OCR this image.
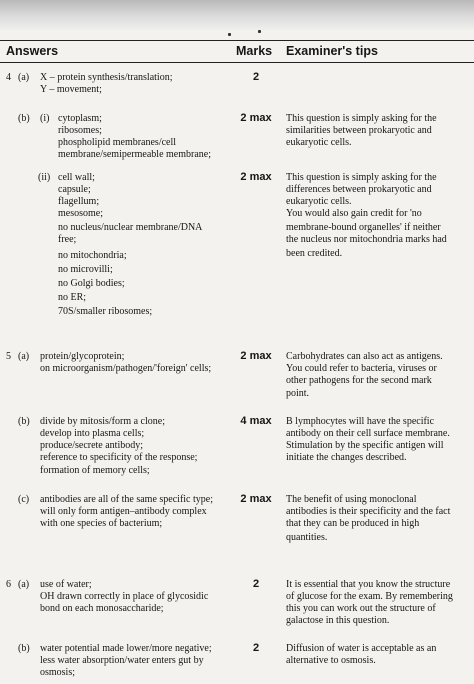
Answers	Marks Examiner's tips
4 (a) X – protein synthesis/translation;
Y – movement;
2
(b) (i) cytoplasm;
ribosomes;
phospholipid membranes/cell
membrane/semipermeable membrane;
2 max	This question is simply asking for the
similarities between prokaryotic and
eukaryotic cells.
(ii) cell wall;
capsule;
flagellum;
mesosome;
no nucleus/nuclear membrane/DNA
free;
no mitochondria;
no microvilli;
no Golgi bodies;
no ER;
70S/smaller ribosomes;
2 max	This question is simply asking for the
differences between prokaryotic and
eukaryotic cells.
You would also gain credit for 'no
membrane-bound organelles' if neither
the nucleus nor mitochondria marks had
been credited.
5 (a) protein/glycoprotein;
on microorganism/pathogen/'foreign' cells;
2 max	Carbohydrates can also act as antigens.
You could refer to bacteria, viruses or
other pathogens for the second mark
point.
(b) divide by mitosis/form a clone;
develop into plasma cells;
produce/secrete antibody;
reference to specificity of the response;
formation of memory cells;
4 max	B lymphocytes will have the specific
antibody on their cell surface membrane.
Stimulation by the specific antigen will
initiate the changes described.
(c) antibodies are all of the same specific type;
will only form antigen–antibody complex
with one species of bacterium;
2 max	The benefit of using monoclonal
antibodies is their specificity and the fact
that they can be produced in high
quantities.
6 (a) use of water;
OH drawn correctly in place of glycosidic
bond on each monosaccharide;
2	It is essential that you know the structure
of glucose for the exam. By remembering
this you can work out the structure of
galactose in this question.
(b) water potential made lower/more negative;
less water absorption/water enters gut by
osmosis;
2	Diffusion of water is acceptable as an
alternative to osmosis.
